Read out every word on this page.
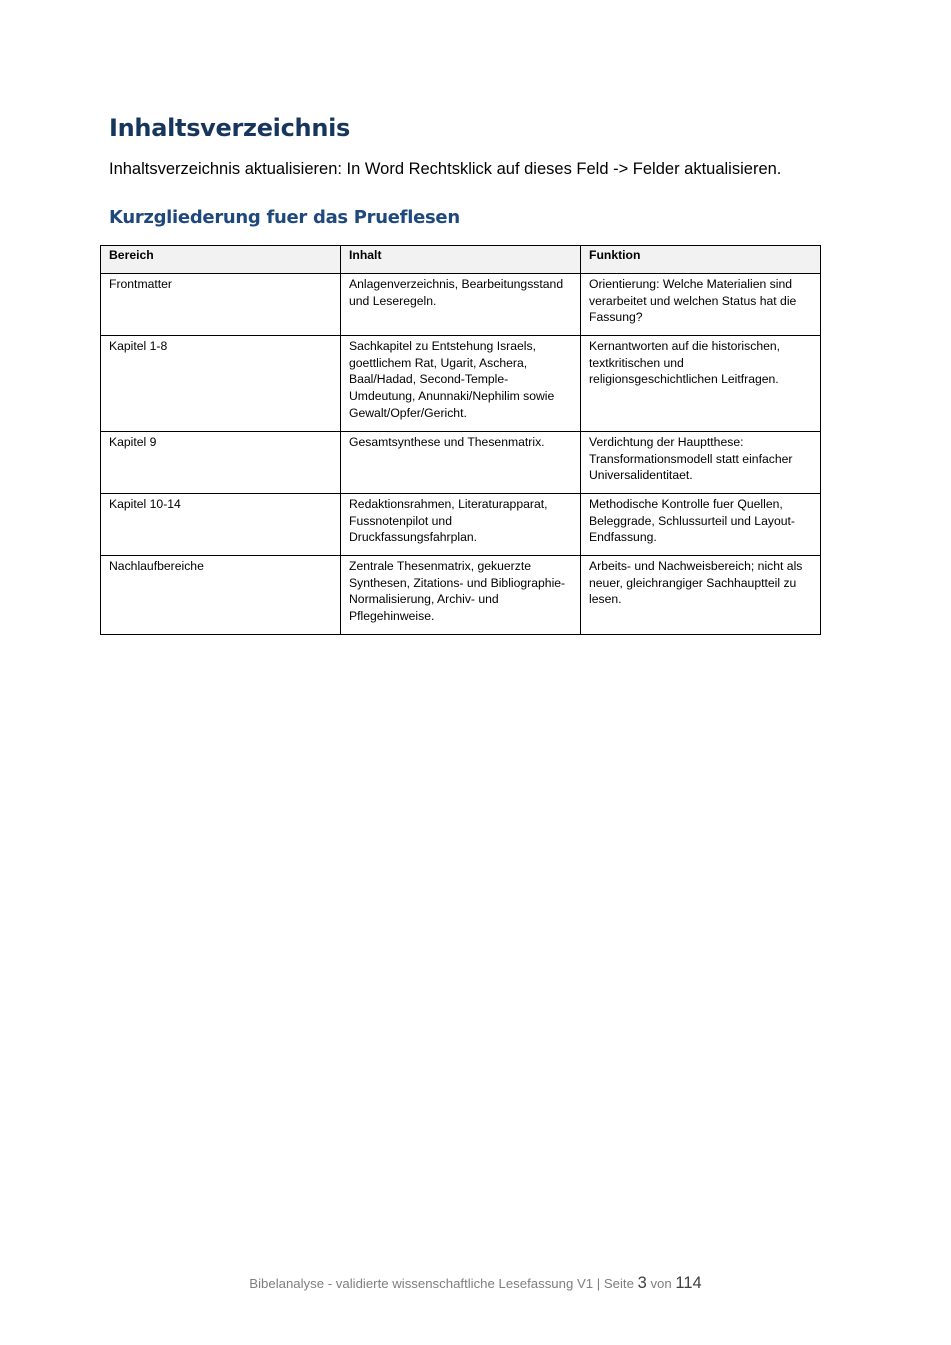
Inhaltsverzeichnis

Inhaltsverzeichnis aktualisieren: In Word Rechtsklick auf dieses Feld -> Felder aktualisieren.

Kurzgliederung fuer das Prueflesen
Bereich	Inhalt	Funktion
Frontmatter	Anlagenverzeichnis, Bearbeitungsstand und Leseregeln.	Orientierung: Welche Materialien sind verarbeitet und welchen Status hat die Fassung?
Kapitel 1-8	Sachkapitel zu Entstehung Israels, goettlichem Rat, Ugarit, Aschera, Baal/Hadad, Second-Temple-Umdeutung, Anunnaki/Nephilim sowie Gewalt/Opfer/Gericht.	Kernantworten auf die historischen, textkritischen und religionsgeschichtlichen Leitfragen.
Kapitel 9	Gesamtsynthese und Thesenmatrix.	Verdichtung der Hauptthese: Transformationsmodell statt einfacher Universalidentitaet.
Kapitel 10-14	Redaktionsrahmen, Literaturapparat, Fussnotenpilot und Druckfassungsfahrplan.	Methodische Kontrolle fuer Quellen, Beleggrade, Schlussurteil und Layout-Endfassung.
Nachlaufbereiche	Zentrale Thesenmatrix, gekuerzte Synthesen, Zitations- und Bibliographie-Normalisierung, Archiv- und Pflegehinweise.	Arbeits- und Nachweisbereich; nicht als neuer, gleichrangiger Sachhauptteil zu lesen.
Bibelanalyse - validierte wissenschaftliche Lesefassung V1 | Seite 3 von 114
